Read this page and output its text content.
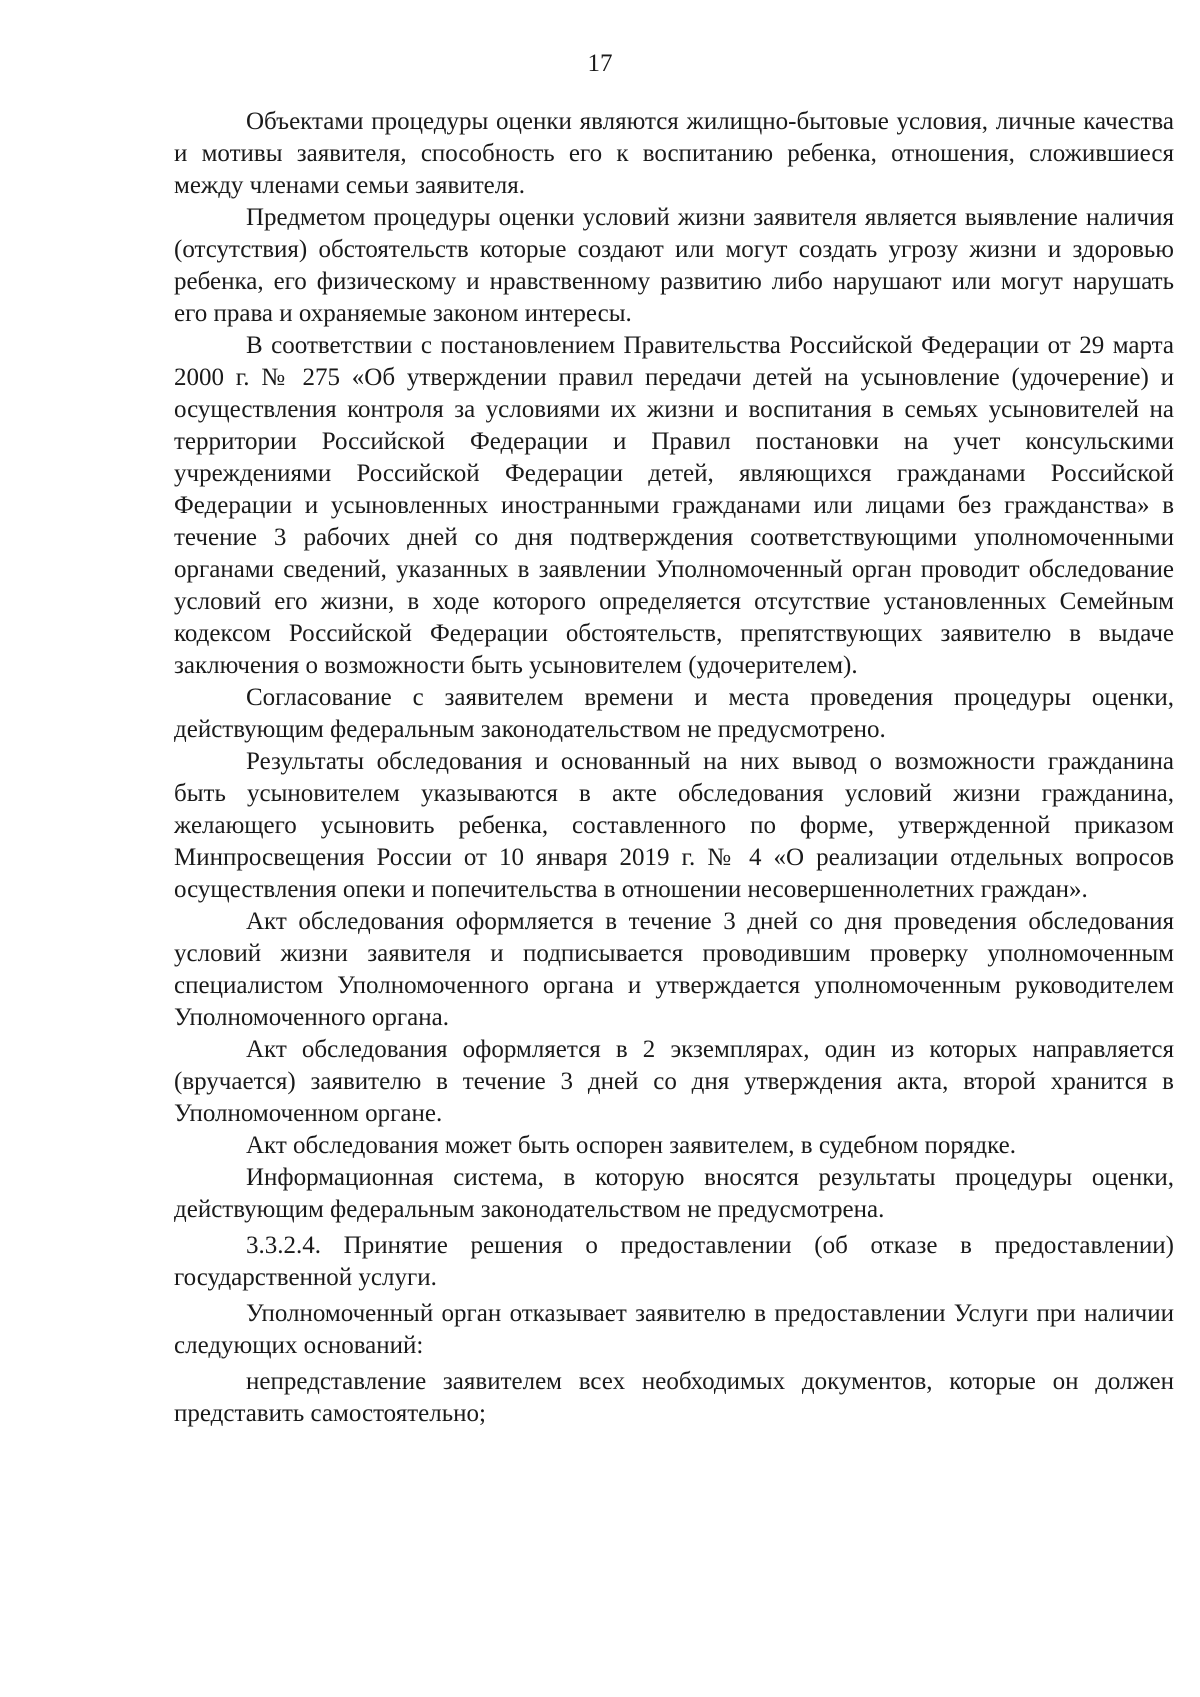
17

Объектами процедуры оценки являются жилищно-бытовые условия, личные качества и мотивы заявителя, способность его к воспитанию ребенка, отношения, сложившиеся между членами семьи заявителя.

Предметом процедуры оценки условий жизни заявителя является выявление наличия (отсутствия) обстоятельств которые создают или могут создать угрозу жизни и здоровью ребенка, его физическому и нравственному развитию либо нарушают или могут нарушать его права и охраняемые законом интересы.

В соответствии с постановлением Правительства Российской Федерации от 29 марта 2000 г. № 275 «Об утверждении правил передачи детей на усыновление (удочерение) и осуществления контроля за условиями их жизни и воспитания в семьях усыновителей на территории Российской Федерации и Правил постановки на учет консульскими учреждениями Российской Федерации детей, являющихся гражданами Российской Федерации и усыновленных иностранными гражданами или лицами без гражданства» в течение 3 рабочих дней со дня подтверждения соответствующими уполномоченными органами сведений, указанных в заявлении Уполномоченный орган проводит обследование условий его жизни, в ходе которого определяется отсутствие установленных Семейным кодексом Российской Федерации обстоятельств, препятствующих заявителю в выдаче заключения о возможности быть усыновителем (удочерителем).

Согласование с заявителем времени и места проведения процедуры оценки, действующим федеральным законодательством не предусмотрено.

Результаты обследования и основанный на них вывод о возможности гражданина быть усыновителем указываются в акте обследования условий жизни гражданина, желающего усыновить ребенка, составленного по форме, утвержденной приказом Минпросвещения России от 10 января 2019 г. № 4 «О реализации отдельных вопросов осуществления опеки и попечительства в отношении несовершеннолетних граждан».

Акт обследования оформляется в течение 3 дней со дня проведения обследования условий жизни заявителя и подписывается проводившим проверку уполномоченным специалистом Уполномоченного органа и утверждается уполномоченным руководителем Уполномоченного органа.

Акт обследования оформляется в 2 экземплярах, один из которых направляется (вручается) заявителю в течение 3 дней со дня утверждения акта, второй хранится в Уполномоченном органе.

Акт обследования может быть оспорен заявителем, в судебном порядке.

Информационная система, в которую вносятся результаты процедуры оценки, действующим федеральным законодательством не предусмотрена.

3.3.2.4. Принятие решения о предоставлении (об отказе в предоставлении) государственной услуги.

Уполномоченный орган отказывает заявителю в предоставлении Услуги при наличии следующих оснований:

непредставление заявителем всех необходимых документов, которые он должен представить самостоятельно;
